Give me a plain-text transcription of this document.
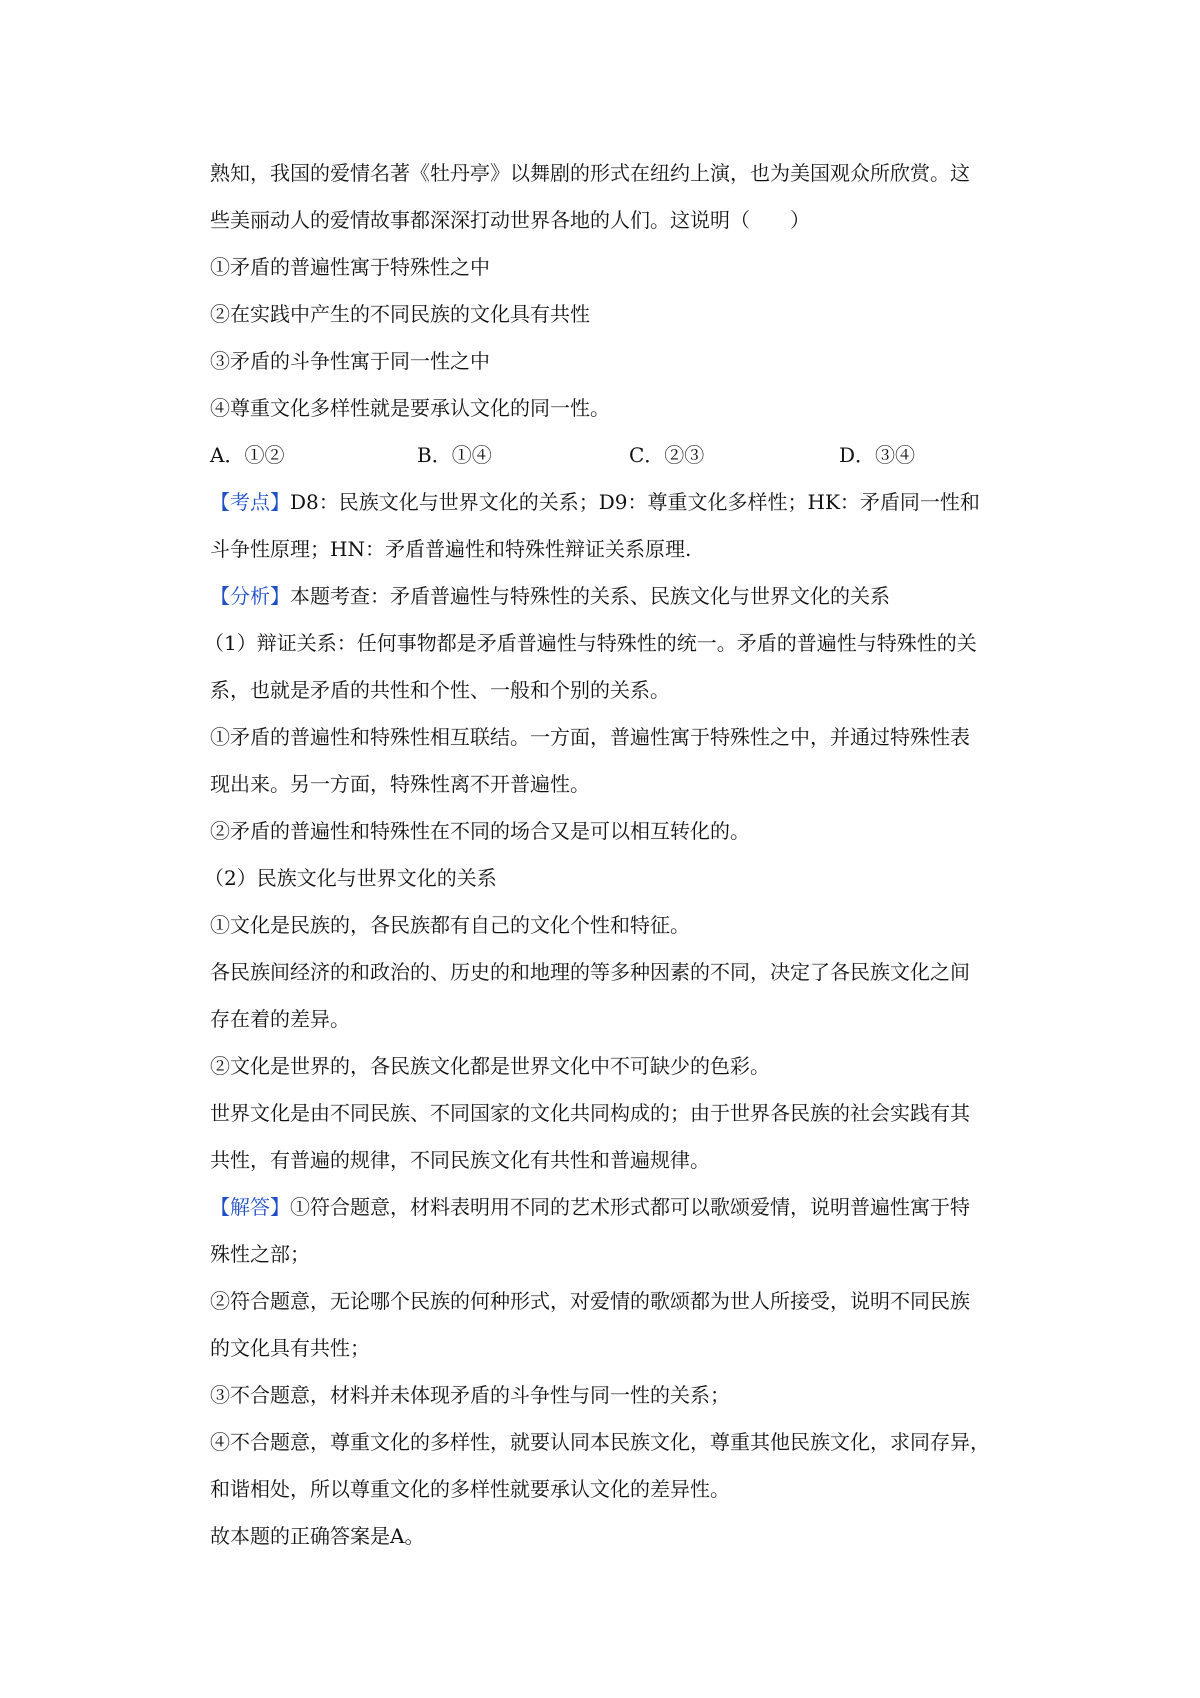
熟知，我国的爱情名著《牡丹亭》以舞剧的形式在纽约上演，也为美国观众所欣赏。这
些美丽动人的爱情故事都深深打动世界各地的人们。这说明（　　）
①矛盾的普遍性寓于特殊性之中
②在实践中产生的不同民族的文化具有共性
③矛盾的斗争性寓于同一性之中
④尊重文化多样性就是要承认文化的同一性。
A．①②	B．①④	C．②③	D．③④
【考点】D8：民族文化与世界文化的关系；D9：尊重文化多样性；HK：矛盾同一性和
斗争性原理；HN：矛盾普遍性和特殊性辩证关系原理.
【分析】本题考查：矛盾普遍性与特殊性的关系、民族文化与世界文化的关系
（1）辩证关系：任何事物都是矛盾普遍性与特殊性的统一。矛盾的普遍性与特殊性的关
系，也就是矛盾的共性和个性、一般和个别的关系。
①矛盾的普遍性和特殊性相互联结。一方面，普遍性寓于特殊性之中，并通过特殊性表
现出来。另一方面，特殊性离不开普遍性。
②矛盾的普遍性和特殊性在不同的场合又是可以相互转化的。
（2）民族文化与世界文化的关系
①文化是民族的，各民族都有自己的文化个性和特征。
各民族间经济的和政治的、历史的和地理的等多种因素的不同，决定了各民族文化之间
存在着的差异。
②文化是世界的，各民族文化都是世界文化中不可缺少的色彩。
世界文化是由不同民族、不同国家的文化共同构成的；由于世界各民族的社会实践有其
共性，有普遍的规律，不同民族文化有共性和普遍规律。
【解答】①符合题意，材料表明用不同的艺术形式都可以歌颂爱情，说明普遍性寓于特
殊性之部；
②符合题意，无论哪个民族的何种形式，对爱情的歌颂都为世人所接受，说明不同民族
的文化具有共性；
③不合题意，材料并未体现矛盾的斗争性与同一性的关系；
④不合题意，尊重文化的多样性，就要认同本民族文化，尊重其他民族文化，求同存异，
和谐相处，所以尊重文化的多样性就要承认文化的差异性。
故本题的正确答案是A。
